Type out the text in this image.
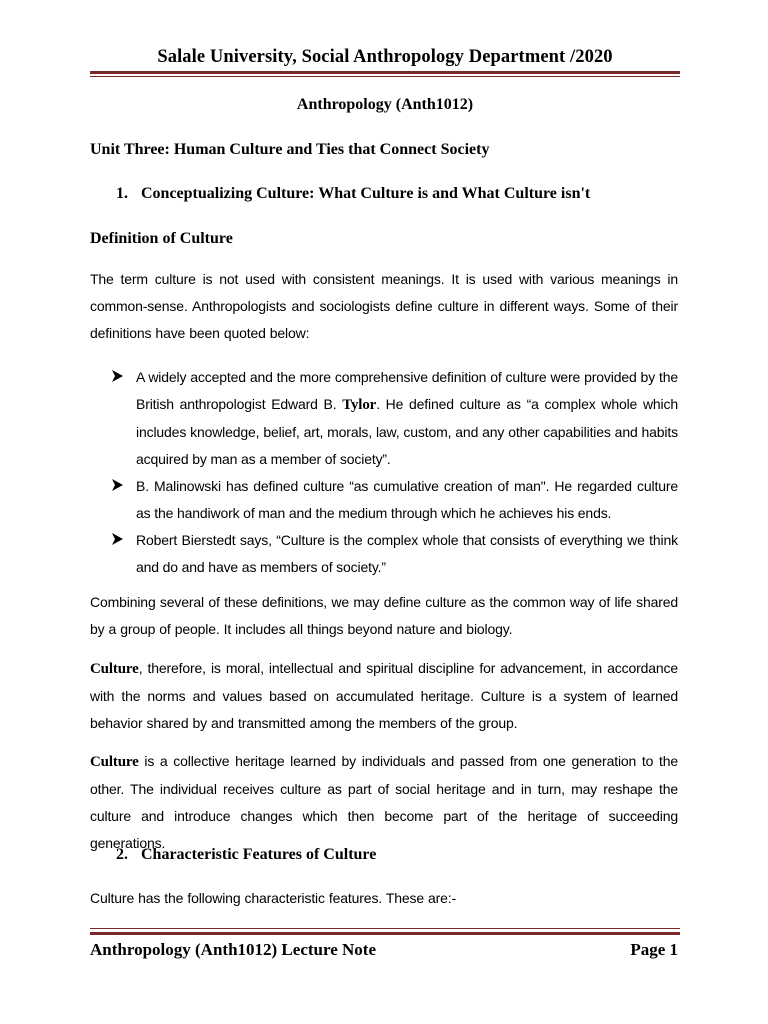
Salale University, Social Anthropology Department /2020
Anthropology (Anth1012)
Unit Three: Human Culture and Ties that Connect Society
1. Conceptualizing Culture: What Culture is and What Culture isn't
Definition of Culture
The term culture is not used with consistent meanings. It is used with various meanings in common-sense. Anthropologists and sociologists define culture in different ways. Some of their definitions have been quoted below:
A widely accepted and the more comprehensive definition of culture were provided by the British anthropologist Edward B. Tylor. He defined culture as “a complex whole which includes knowledge, belief, art, morals, law, custom, and any other capabilities and habits acquired by man as a member of society”.
B. Malinowski has defined culture “as cumulative creation of man". He regarded culture as the handiwork of man and the medium through which he achieves his ends.
Robert Bierstedt says, “Culture is the complex whole that consists of everything we think and do and have as members of society.”
Combining several of these definitions, we may define culture as the common way of life shared by a group of people. It includes all things beyond nature and biology.
Culture, therefore, is moral, intellectual and spiritual discipline for advancement, in accordance with the norms and values based on accumulated heritage. Culture is a system of learned behavior shared by and transmitted among the members of the group.
Culture is a collective heritage learned by individuals and passed from one generation to the other. The individual receives culture as part of social heritage and in turn, may reshape the culture and introduce changes which then become part of the heritage of succeeding generations.
2. Characteristic Features of Culture
Culture has the following characteristic features. These are:-
Anthropology (Anth1012) Lecture Note	Page 1
